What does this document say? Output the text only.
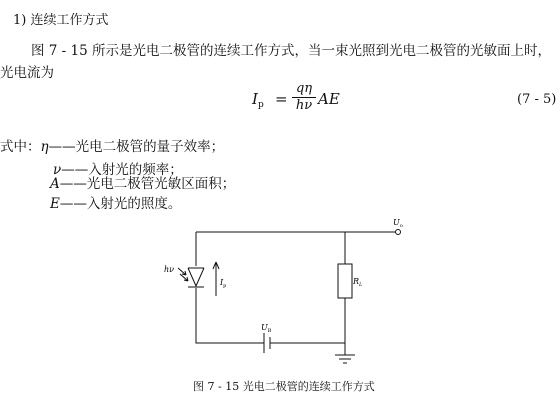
1) 连续工作方式
图 7 - 15 所示是光电二极管的连续工作方式，当一束光照到光电二极管的光敏面上时，
光电流为
$I_p$ =
qη
hν AE	(7 - 5)
式中：η——光电二极管的量子效率；
ν——入射光的频率；
A——光电二极管光敏区面积；
E——入射光的照度。
hν
$I_p$	$R_L$
$U_o$
$U_B$
图 7 - 15 光电二极管的连续工作方式
